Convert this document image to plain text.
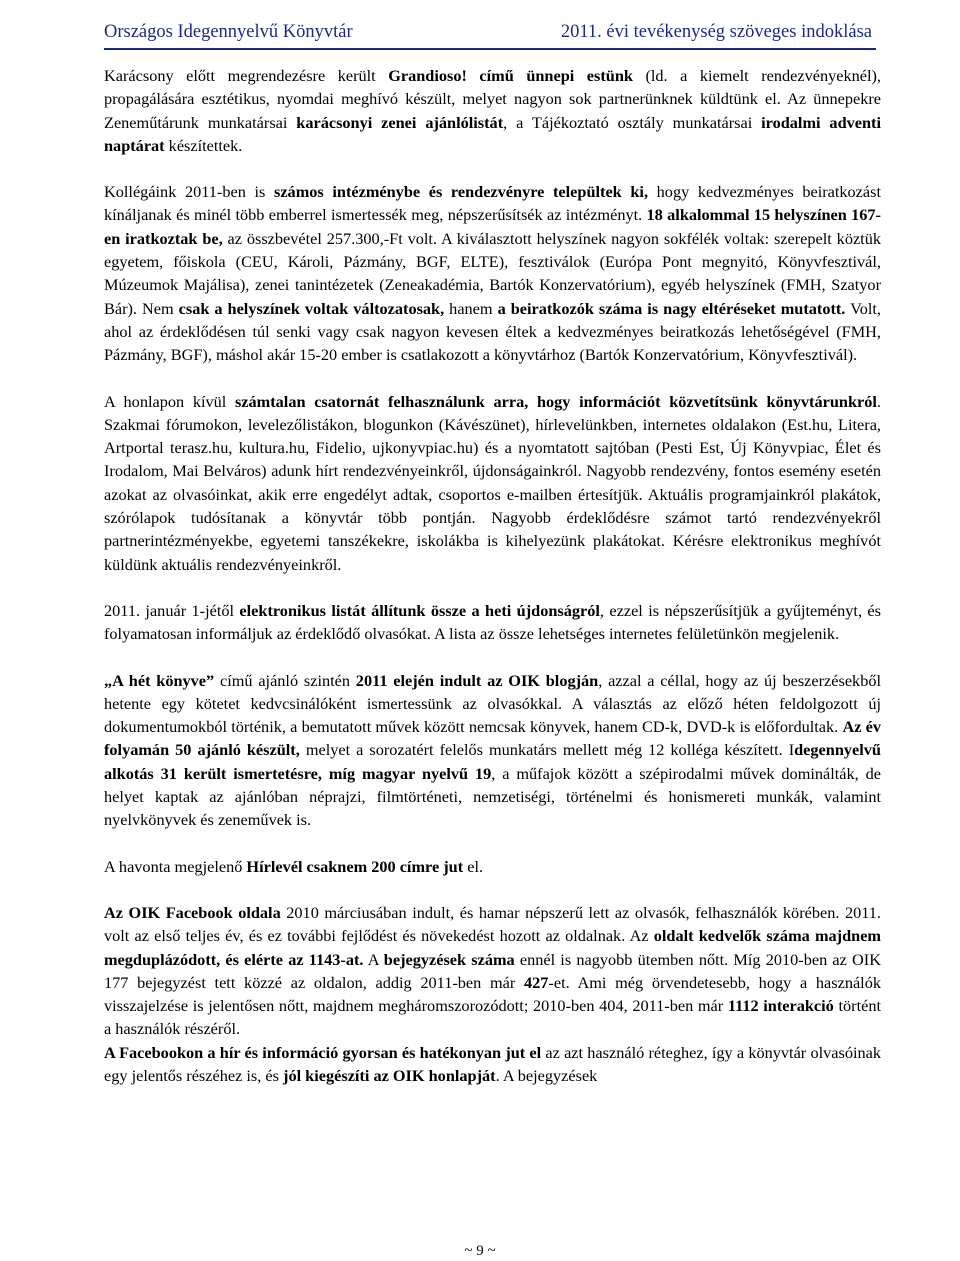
Országos Idegennyelvű Könyvtár	2011. évi tevékenység szöveges indoklása

Karácsony előtt megrendezésre került Grandioso! című ünnepi estünk (ld. a kiemelt rendezvényeknél), propagálására esztétikus, nyomdai meghívó készült, melyet nagyon sok partnerünknek küldtünk el. Az ünnepekre Zeneműtárunk munkatársai karácsonyi zenei ajánlólistát, a Tájékoztató osztály munkatársai irodalmi adventi naptárat készítettek.

Kollégáink 2011-ben is számos intézménybe és rendezvényre települtek ki, hogy kedvezményes beiratkozást kínáljanak és minél több emberrel ismertessék meg, népszerűsítsék az intézményt. 18 alkalommal 15 helyszínen 167-en iratkoztak be, az összbevétel 257.300,-Ft volt. A kiválasztott helyszínek nagyon sokfélék voltak: szerepelt köztük egyetem, főiskola (CEU, Károli, Pázmány, BGF, ELTE), fesztiválok (Európa Pont megnyitó, Könyvfesztivál, Múzeumok Majálisa), zenei tanintézetek (Zeneakadémia, Bartók Konzervatórium), egyéb helyszínek (FMH, Szatyor Bár). Nem csak a helyszínek voltak változatosak, hanem a beiratkozók száma is nagy eltéréseket mutatott. Volt, ahol az érdeklődésen túl senki vagy csak nagyon kevesen éltek a kedvezményes beiratkozás lehetőségével (FMH, Pázmány, BGF), máshol akár 15-20 ember is csatlakozott a könyvtárhoz (Bartók Konzervatórium, Könyvfesztivál).

A honlapon kívül számtalan csatornát felhasználunk arra, hogy információt közvetítsünk könyvtárunkról. Szakmai fórumokon, levelezőlistákon, blogunkon (Kávészünet), hírlevelünkben, internetes oldalakon (Est.hu, Litera, Artportal terasz.hu, kultura.hu, Fidelio, ujkonyvpiac.hu) és a nyomtatott sajtóban (Pesti Est, Új Könyvpiac, Élet és Irodalom, Mai Belváros) adunk hírt rendezvényeinkről, újdonságainkról. Nagyobb rendezvény, fontos esemény esetén azokat az olvasóinkat, akik erre engedélyt adtak, csoportos e-mailben értesítjük. Aktuális programjainkról plakátok, szórólapok tudósítanak a könyvtár több pontján. Nagyobb érdeklődésre számot tartó rendezvényekről partnerintézményekbe, egyetemi tanszékekre, iskolákba is kihelyezünk plakátokat. Kérésre elektronikus meghívót küldünk aktuális rendezvényeinkről.

2011. január 1-jétől elektronikus listát állítunk össze a heti újdonságról, ezzel is népszerűsítjük a gyűjteményt, és folyamatosan informáljuk az érdeklődő olvasókat. A lista az össze lehetséges internetes felületünkön megjelenik.

„A hét könyve” című ajánló szintén 2011 elején indult az OIK blogján, azzal a céllal, hogy az új beszerzésekből hetente egy kötetet kedvcsinálóként ismertessünk az olvasókkal. A választás az előző héten feldolgozott új dokumentumokból történik, a bemutatott művek között nemcsak könyvek, hanem CD-k, DVD-k is előfordultak. Az év folyamán 50 ajánló készült, melyet a sorozatért felelős munkatárs mellett még 12 kolléga készített. Idegennyelvű alkotás 31 került ismertetésre, míg magyar nyelvű 19, a műfajok között a szépirodalmi művek dominálták, de helyet kaptak az ajánlóban néprajzi, filmtörténeti, nemzetiségi, történelmi és honismereti munkák, valamint nyelvkönyvek és zeneművek is.

A havonta megjelenő Hírlevél csaknem 200 címre jut el.

Az OIK Facebook oldala 2010 márciusában indult, és hamar népszerű lett az olvasók, felhasználók körében. 2011. volt az első teljes év, és ez további fejlődést és növekedést hozott az oldalnak. Az oldalt kedvelők száma majdnem megduplázódott, és elérte az 1143-at. A bejegyzések száma ennél is nagyobb ütemben nőtt. Míg 2010-ben az OIK 177 bejegyzést tett közzé az oldalon, addig 2011-ben már 427-et. Ami még örvendetesebb, hogy a használók visszajelzése is jelentősen nőtt, majdnem megháromszorozódott; 2010-ben 404, 2011-ben már 1112 interakció történt a használók részéről.

A Facebookon a hír és információ gyorsan és hatékonyan jut el az azt használó réteghez, így a könyvtár olvasóinak egy jelentős részéhez is, és jól kiegészíti az OIK honlapját. A bejegyzések

~ 9 ~
